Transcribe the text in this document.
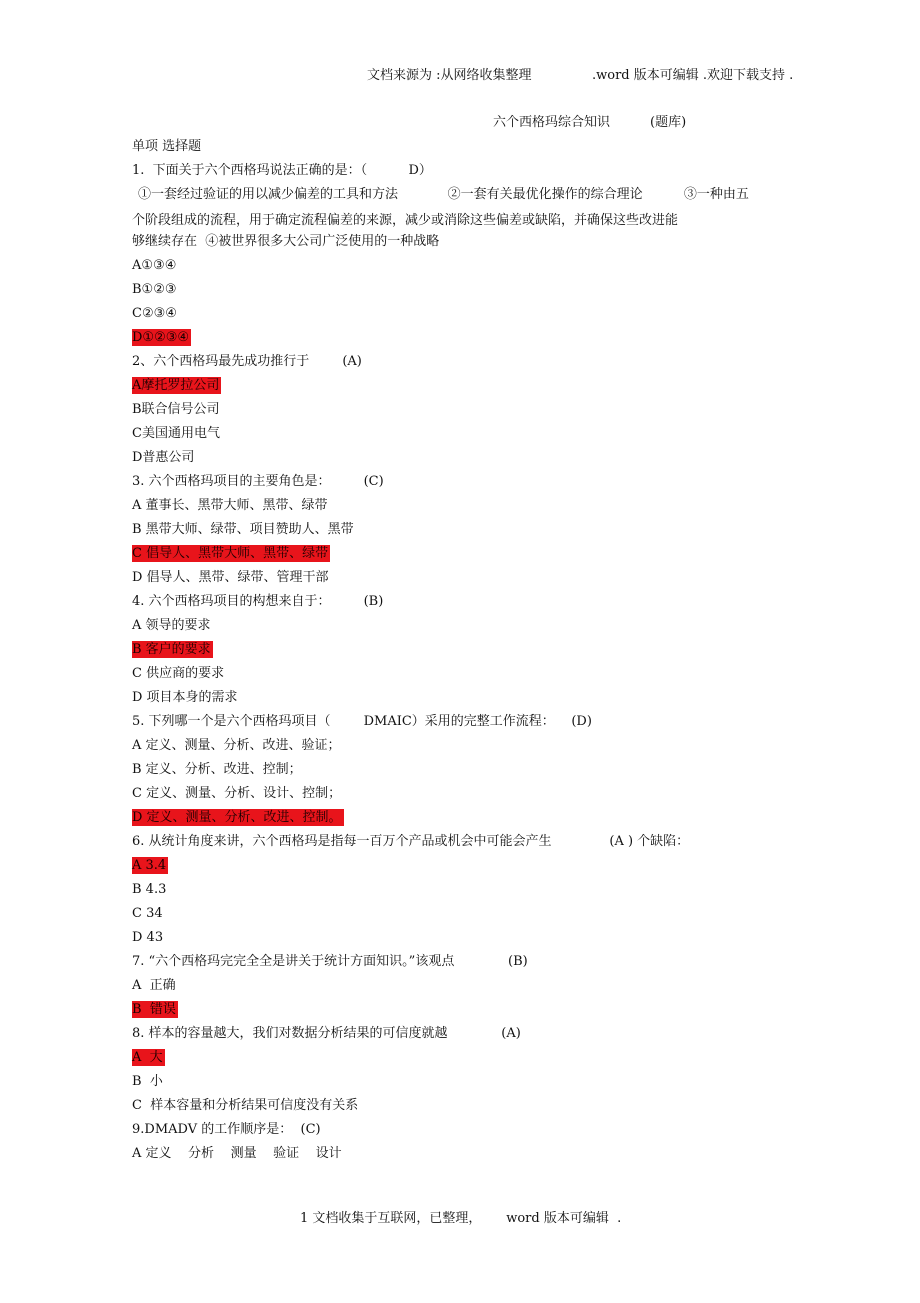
文档来源为 :从网络收集整理	.word 版本可编辑 .欢迎下载支持 .
六个西格玛综合知识	(题库)
单项 选择题
1.  下面关于六个西格玛说法正确的是：（          D）
①一套经过验证的用以减少偏差的工具和方法            ②一套有关最优化操作的综合理论          ③一种由五
个阶段组成的流程，用于确定流程偏差的来源，减少或消除这些偏差或缺陷，并确保这些改进能
够继续存在  ④被世界很多大公司广泛使用的一种战略
A①③④
B①②③
C②③④
D①②③④
2、六个西格玛最先成功推行于        (A)
A摩托罗拉公司
B联合信号公司
C美国通用电气
D普惠公司
3. 六个西格玛项目的主要角色是：        (C)
A 董事长、黑带大师、黑带、绿带
B 黑带大师、绿带、项目赞助人、黑带
C 倡导人、黑带大师、黑带、绿带
D 倡导人、黑带、绿带、管理干部
4. 六个西格玛项目的构想来自于：        (B)
A 领导的要求
B 客户的要求
C 供应商的要求
D 项目本身的需求
5. 下列哪一个是六个西格玛项目（        DMAIC）采用的完整工作流程：    (D)
A 定义、测量、分析、改进、验证；
B 定义、分析、改进、控制；
C 定义、测量、分析、设计、控制；
D 定义、测量、分析、改进、控制。
6. 从统计角度来讲，六个西格玛是指每一百万个产品或机会中可能会产生              (A ) 个缺陷：
A 3.4
B 4.3
C 34
D 43
7. “六个西格玛完完全全是讲关于统计方面知识。”该观点             (B)
A  正确
B  错误
8. 样本的容量越大，我们对数据分析结果的可信度就越             (A)
A  大
B  小
C  样本容量和分析结果可信度没有关系
9.DMADV 的工作顺序是：  (C)
A 定义    分析    测量    验证    设计
1 文档收集于互联网，已整理，      word 版本可编辑  .
